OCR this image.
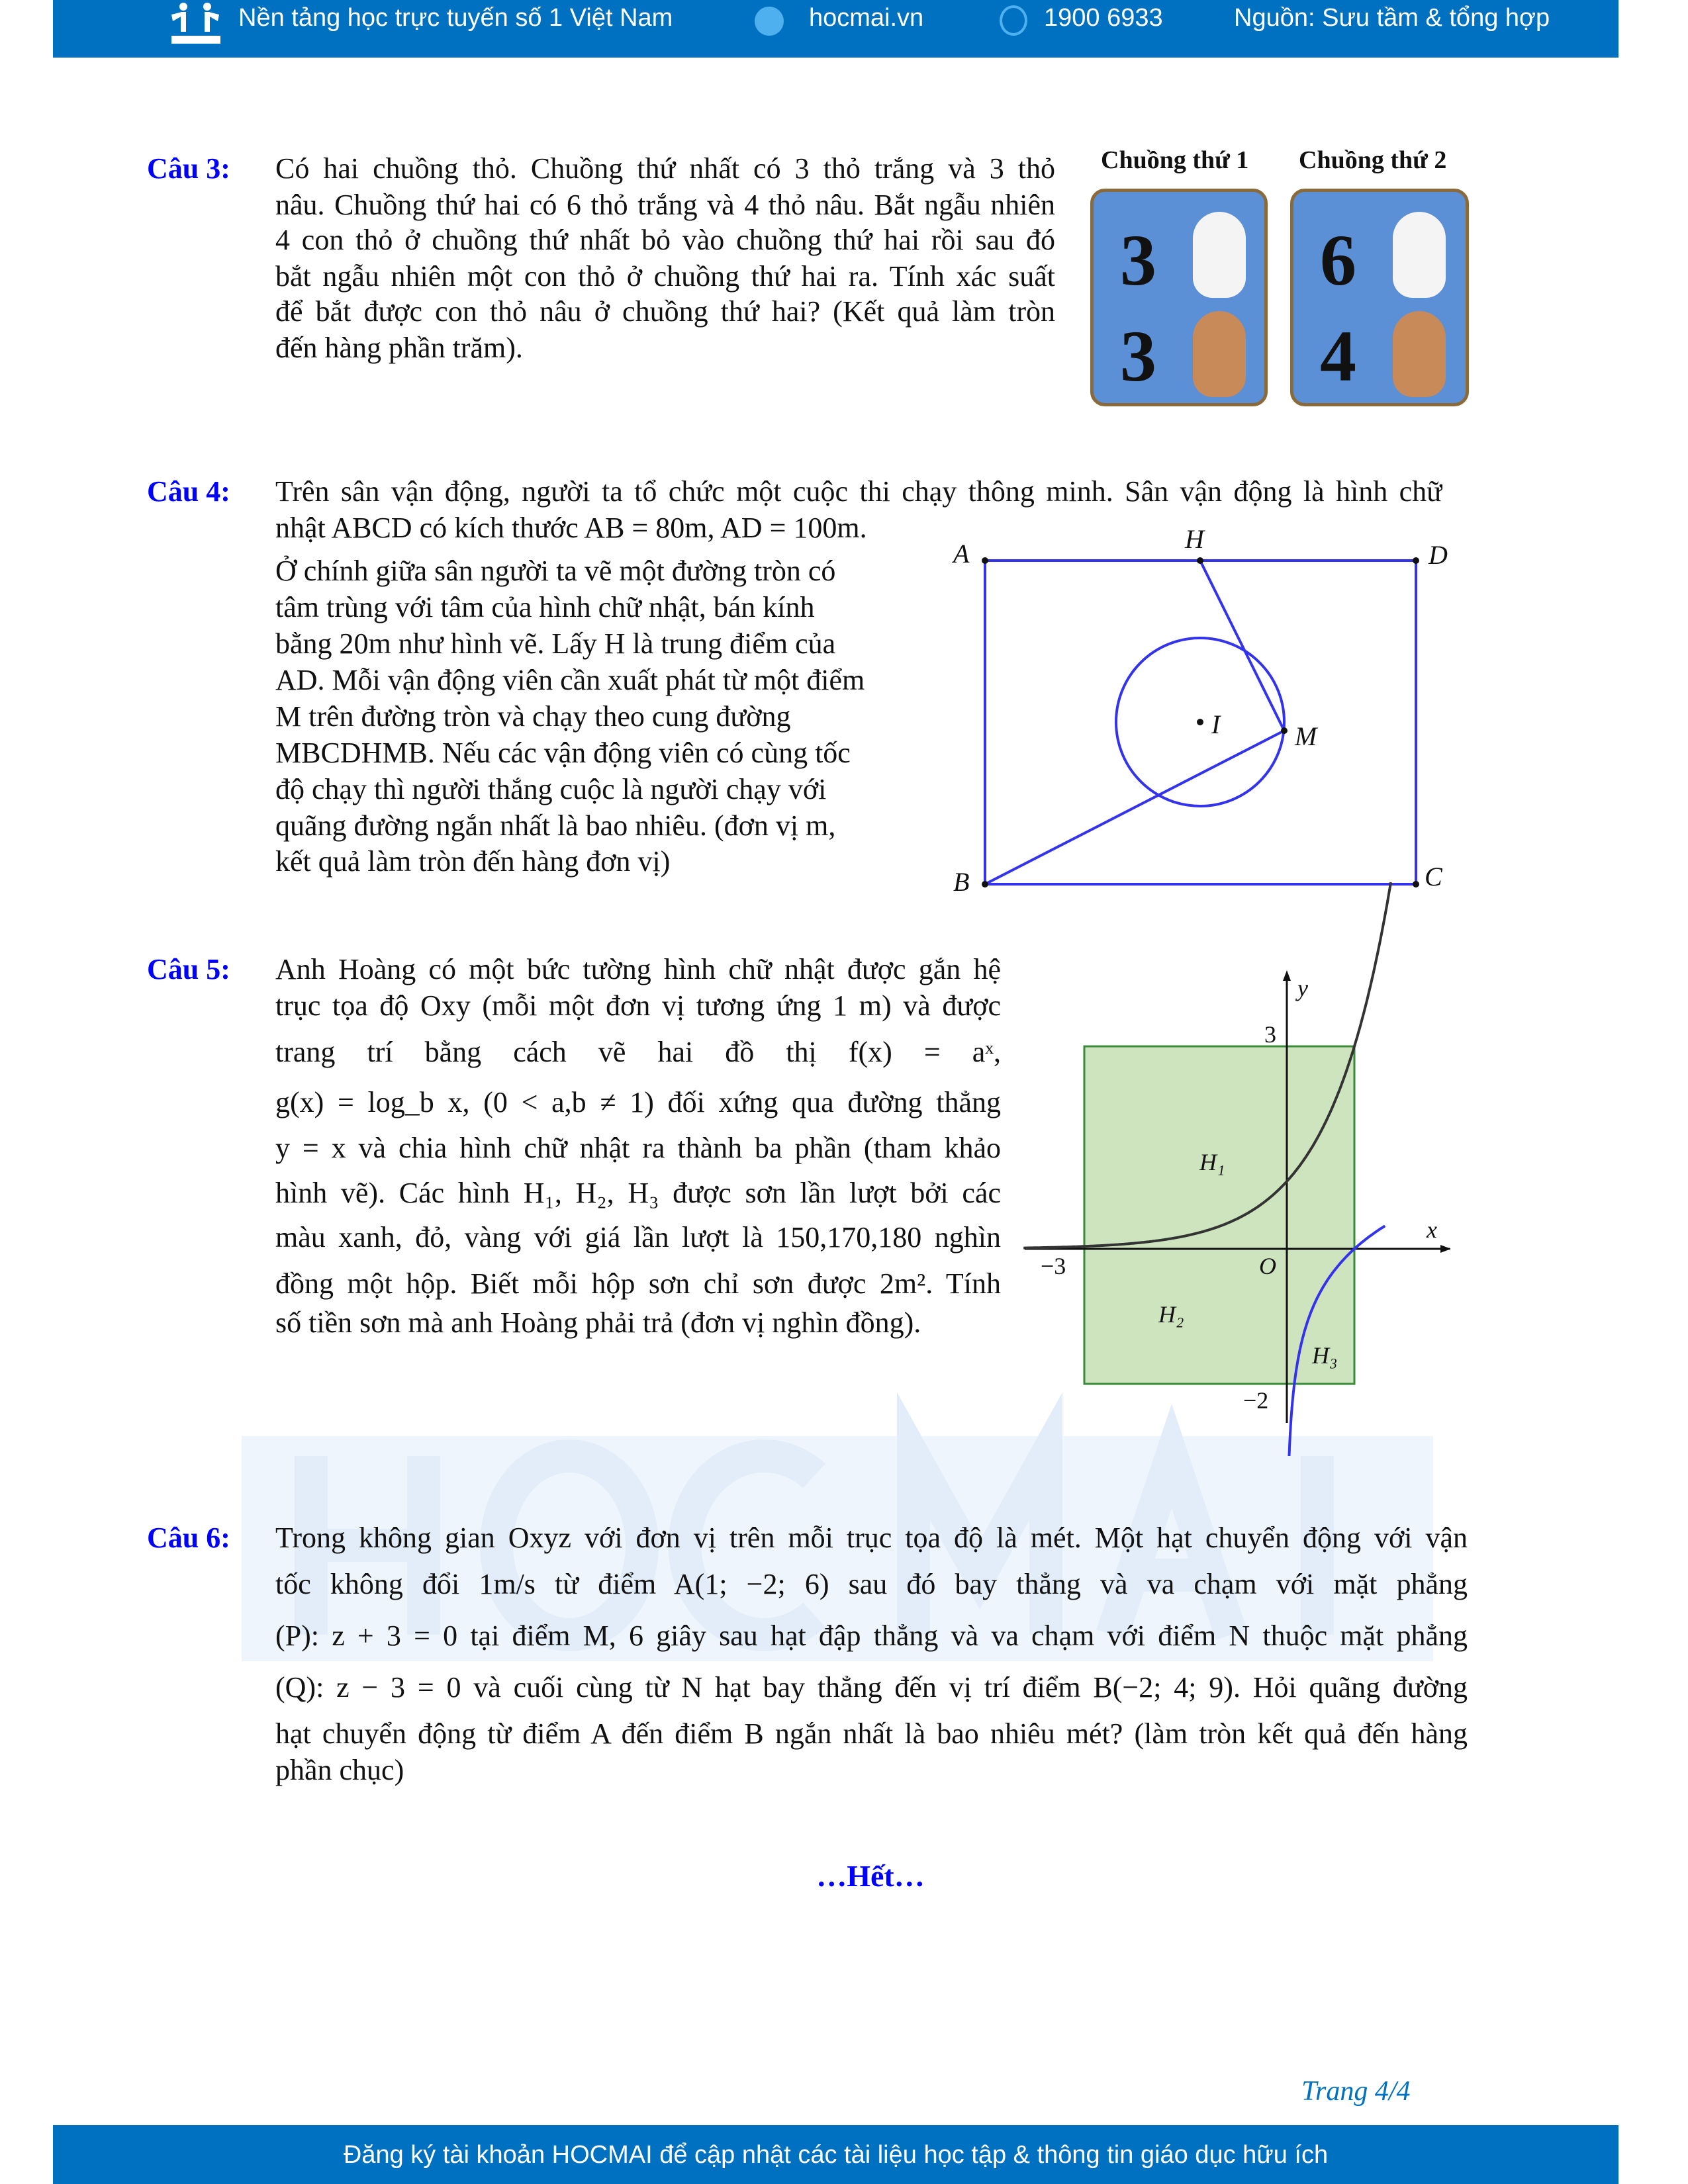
Nền tảng học trực tuyến số 1 Việt Nam	hocmai.vn	1900 6933	Nguồn: Sưu tầm & tổng hợp
Câu 3: Có hai chuồng thỏ. Chuồng thứ nhất có 3 thỏ trắng và 3 thỏ
nâu. Chuồng thứ hai có 6 thỏ trắng và 4 thỏ nâu. Bắt ngẫu nhiên
4 con thỏ ở chuồng thứ nhất bỏ vào chuồng thứ hai rồi sau đó
bắt ngẫu nhiên một con thỏ ở chuồng thứ hai ra. Tính xác suất
để bắt được con thỏ nâu ở chuồng thứ hai? (Kết quả làm tròn
đến hàng phần trăm).
Chuồng thứ 1 Chuồng thứ 2
3
3
6
4
Câu 4: Trên sân vận động, người ta tổ chức một cuộc thi chạy thông minh. Sân vận động là hình chữ
nhật ABCD có kích thước AB = 80m, AD = 100m.
Ở chính giữa sân người ta vẽ một đường tròn có
tâm trùng với tâm của hình chữ nhật, bán kính
bằng 20m như hình vẽ. Lấy H là trung điểm của
AD. Mỗi vận động viên cần xuất phát từ một điểm
M trên đường tròn và chạy theo cung đường
MBCDHMB. Nếu các vận động viên có cùng tốc
độ chạy thì người thắng cuộc là người chạy với
quãng đường ngắn nhất là bao nhiêu. (đơn vị m,
kết quả làm tròn đến hàng đơn vị)
A	H
D
I	M
B	C
Câu 5: Anh Hoàng có một bức tường hình chữ nhật được gắn hệ
trục tọa độ Oxy (mỗi một đơn vị tương ứng 1 m) và được
trang trí bằng cách vẽ hai đồ thị f(x) = aˣ,
g(x) = log_b x, (0 < a,b ≠ 1) đối xứng qua đường thẳng
y = x và chia hình chữ nhật ra thành ba phần (tham khảo
hình vẽ). Các hình H₁, H₂, H₃ được sơn lần lượt bởi các
màu xanh, đỏ, vàng với giá lần lượt là 150,170,180 nghìn
đồng một hộp. Biết mỗi hộp sơn chỉ sơn được 2m². Tính
số tiền sơn mà anh Hoàng phải trả (đơn vị nghìn đồng).
y
x
O
3
−3
−2
H₁
H₂
H₃
Câu 6: Trong không gian Oxyz với đơn vị trên mỗi trục tọa độ là mét. Một hạt chuyển động với vận
tốc không đổi 1m/s từ điểm A(1; −2; 6) sau đó bay thẳng và va chạm với mặt phẳng
(P): z + 3 = 0 tại điểm M, 6 giây sau hạt đập thẳng và va chạm với điểm N thuộc mặt phẳng
(Q): z − 3 = 0 và cuối cùng từ N hạt bay thẳng đến vị trí điểm B(−2; 4; 9). Hỏi quãng đường
hạt chuyển động từ điểm A đến điểm B ngắn nhất là bao nhiêu mét? (làm tròn kết quả đến hàng
phần chục)
…Hết…
Trang 4/4
Đăng ký tài khoản HOCMAI để cập nhật các tài liệu học tập & thông tin giáo dục hữu ích
